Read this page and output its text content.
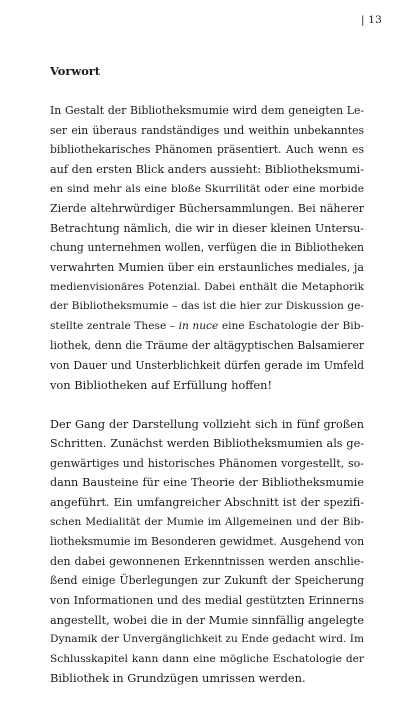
| 13
Vorwort
In Gestalt der Bibliotheksmumie wird dem geneigten Le-
ser ein überaus randständiges und weithin unbekanntes
bibliothekarisches Phänomen präsentiert. Auch wenn es
auf den ersten Blick anders aussieht: Bibliotheksmumi-
en sind mehr als eine bloße Skurrilität oder eine morbide
Zierde altehrwürdiger Büchersammlungen. Bei näherer
Betrachtung nämlich, die wir in dieser kleinen Untersu-
chung unternehmen wollen, verfügen die in Bibliotheken
verwahrten Mumien über ein erstaunliches mediales, ja
medienvisionäres Potenzial. Dabei enthält die Metaphorik
der Bibliotheksmumie – das ist die hier zur Diskussion ge-
stellte zentrale These – in nuce eine Eschatologie der Bib-
liothek, denn die Träume der altägyptischen Balsamierer
von Dauer und Unsterblichkeit dürfen gerade im Umfeld
von Bibliotheken auf Erfüllung hoffen!
Der Gang der Darstellung vollzieht sich in fünf großen
Schritten. Zunächst werden Bibliotheksmumien als ge-
genwärtiges und historisches Phänomen vorgestellt, so-
dann Bausteine für eine Theorie der Bibliotheksmumie
angeführt. Ein umfangreicher Abschnitt ist der spezifi-
schen Medialität der Mumie im Allgemeinen und der Bib-
liotheksmumie im Besonderen gewidmet. Ausgehend von
den dabei gewonnenen Erkenntnissen werden anschlie-
ßend einige Überlegungen zur Zukunft der Speicherung
von Informationen und des medial gestützten Erinnerns
angestellt, wobei die in der Mumie sinnfällig angelegte
Dynamik der Unvergänglichkeit zu Ende gedacht wird. Im
Schlusskapitel kann dann eine mögliche Eschatologie der
Bibliothek in Grundzügen umrissen werden.
